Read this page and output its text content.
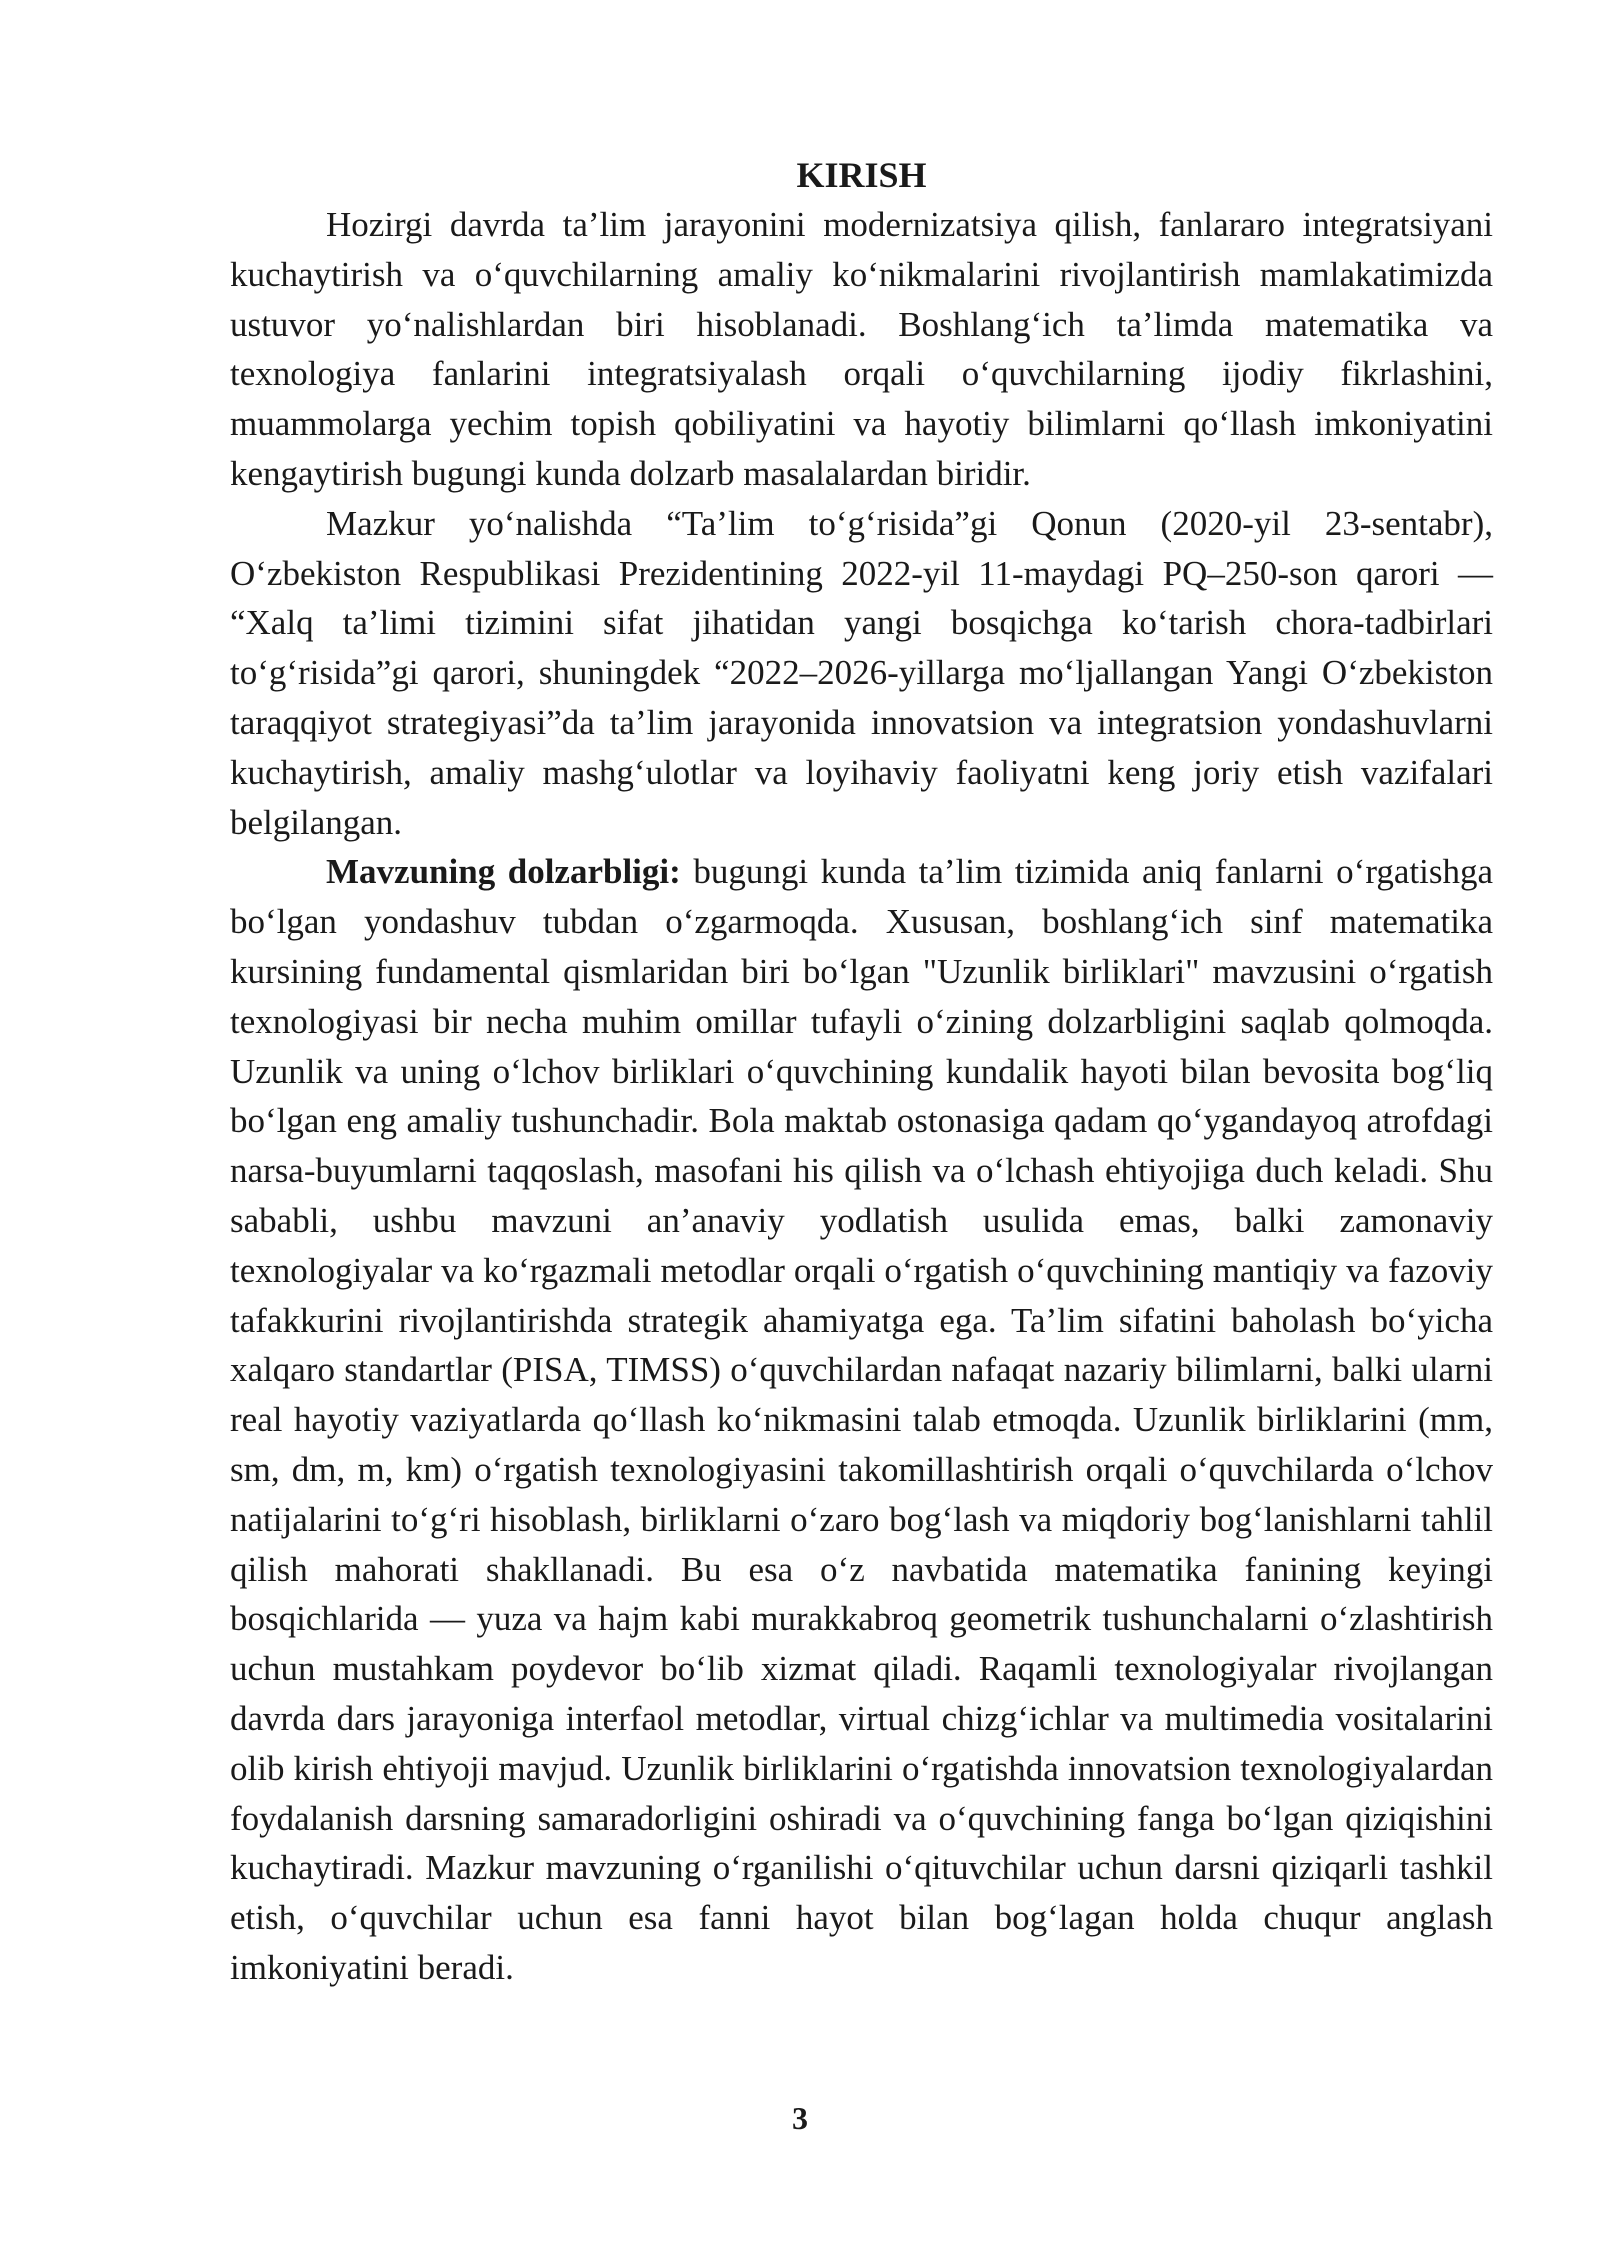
KIRISH

Hozirgi davrda ta’lim jarayonini modernizatsiya qilish, fanlararo integratsiyani kuchaytirish va o‘quvchilarning amaliy ko‘nikmalarini rivojlantirish mamlakatimizda ustuvor yo‘nalishlardan biri hisoblanadi. Boshlang‘ich ta’limda matematika va texnologiya fanlarini integratsiyalash orqali o‘quvchilarning ijodiy fikrlashini, muammolarga yechim topish qobiliyatini va hayotiy bilimlarni qo‘llash imkoniyatini kengaytirish bugungi kunda dolzarb masalalardan biridir.

Mazkur yo‘nalishda “Ta’lim to‘g‘risida”gi Qonun (2020-yil 23-sentabr), O‘zbekiston Respublikasi Prezidentining 2022-yil 11-maydagi PQ–250-son qarori — “Xalq ta’limi tizimini sifat jihatidan yangi bosqichga ko‘tarish chora-tadbirlari to‘g‘risida”gi qarori, shuningdek “2022–2026-yillarga mo‘ljallangan Yangi O‘zbekiston taraqqiyot strategiyasi”da ta’lim jarayonida innovatsion va integratsion yondashuvlarni kuchaytirish, amaliy mashg‘ulotlar va loyihaviy faoliyatni keng joriy etish vazifalari belgilangan.

Mavzuning dolzarbligi: bugungi kunda ta’lim tizimida aniq fanlarni o‘rgatishga bo‘lgan yondashuv tubdan o‘zgarmoqda. Xususan, boshlang‘ich sinf matematika kursining fundamental qismlaridan biri bo‘lgan "Uzunlik birliklari" mavzusini o‘rgatish texnologiyasi bir necha muhim omillar tufayli o‘zining dolzarbligini saqlab qolmoqda. Uzunlik va uning o‘lchov birliklari o‘quvchining kundalik hayoti bilan bevosita bog‘liq bo‘lgan eng amaliy tushunchadir. Bola maktab ostonasiga qadam qo‘ygandayoq atrofdagi narsa-buyumlarni taqqoslash, masofani his qilish va o‘lchash ehtiyojiga duch keladi. Shu sababli, ushbu mavzuni an’anaviy yodlatish usulida emas, balki zamonaviy texnologiyalar va ko‘rgazmali metodlar orqali o‘rgatish o‘quvchining mantiqiy va fazoviy tafakkurini rivojlantirishda strategik ahamiyatga ega. Ta’lim sifatini baholash bo‘yicha xalqaro standartlar (PISA, TIMSS) o‘quvchilardan nafaqat nazariy bilimlarni, balki ularni real hayotiy vaziyatlarda qo‘llash ko‘nikmasini talab etmoqda. Uzunlik birliklarini (mm, sm, dm, m, km) o‘rgatish texnologiyasini takomillashtirish orqali o‘quvchilarda o‘lchov natijalarini to‘g‘ri hisoblash, birliklarni o‘zaro bog‘lash va miqdoriy bog‘lanishlarni tahlil qilish mahorati shakllanadi. Bu esa o‘z navbatida matematika fanining keyingi bosqichlarida — yuza va hajm kabi murakkabroq geometrik tushunchalarni o‘zlashtirish uchun mustahkam poydevor bo‘lib xizmat qiladi. Raqamli texnologiyalar rivojlangan davrda dars jarayoniga interfaol metodlar, virtual chizg‘ichlar va multimedia vositalarini olib kirish ehtiyoji mavjud. Uzunlik birliklarini o‘rgatishda innovatsion texnologiyalardan foydalanish darsning samaradorligini oshiradi va o‘quvchining fanga bo‘lgan qiziqishini kuchaytiradi. Mazkur mavzuning o‘rganilishi o‘qituvchilar uchun darsni qiziqarli tashkil etish, o‘quvchilar uchun esa fanni hayot bilan bog‘lagan holda chuqur anglash imkoniyatini beradi.

3
